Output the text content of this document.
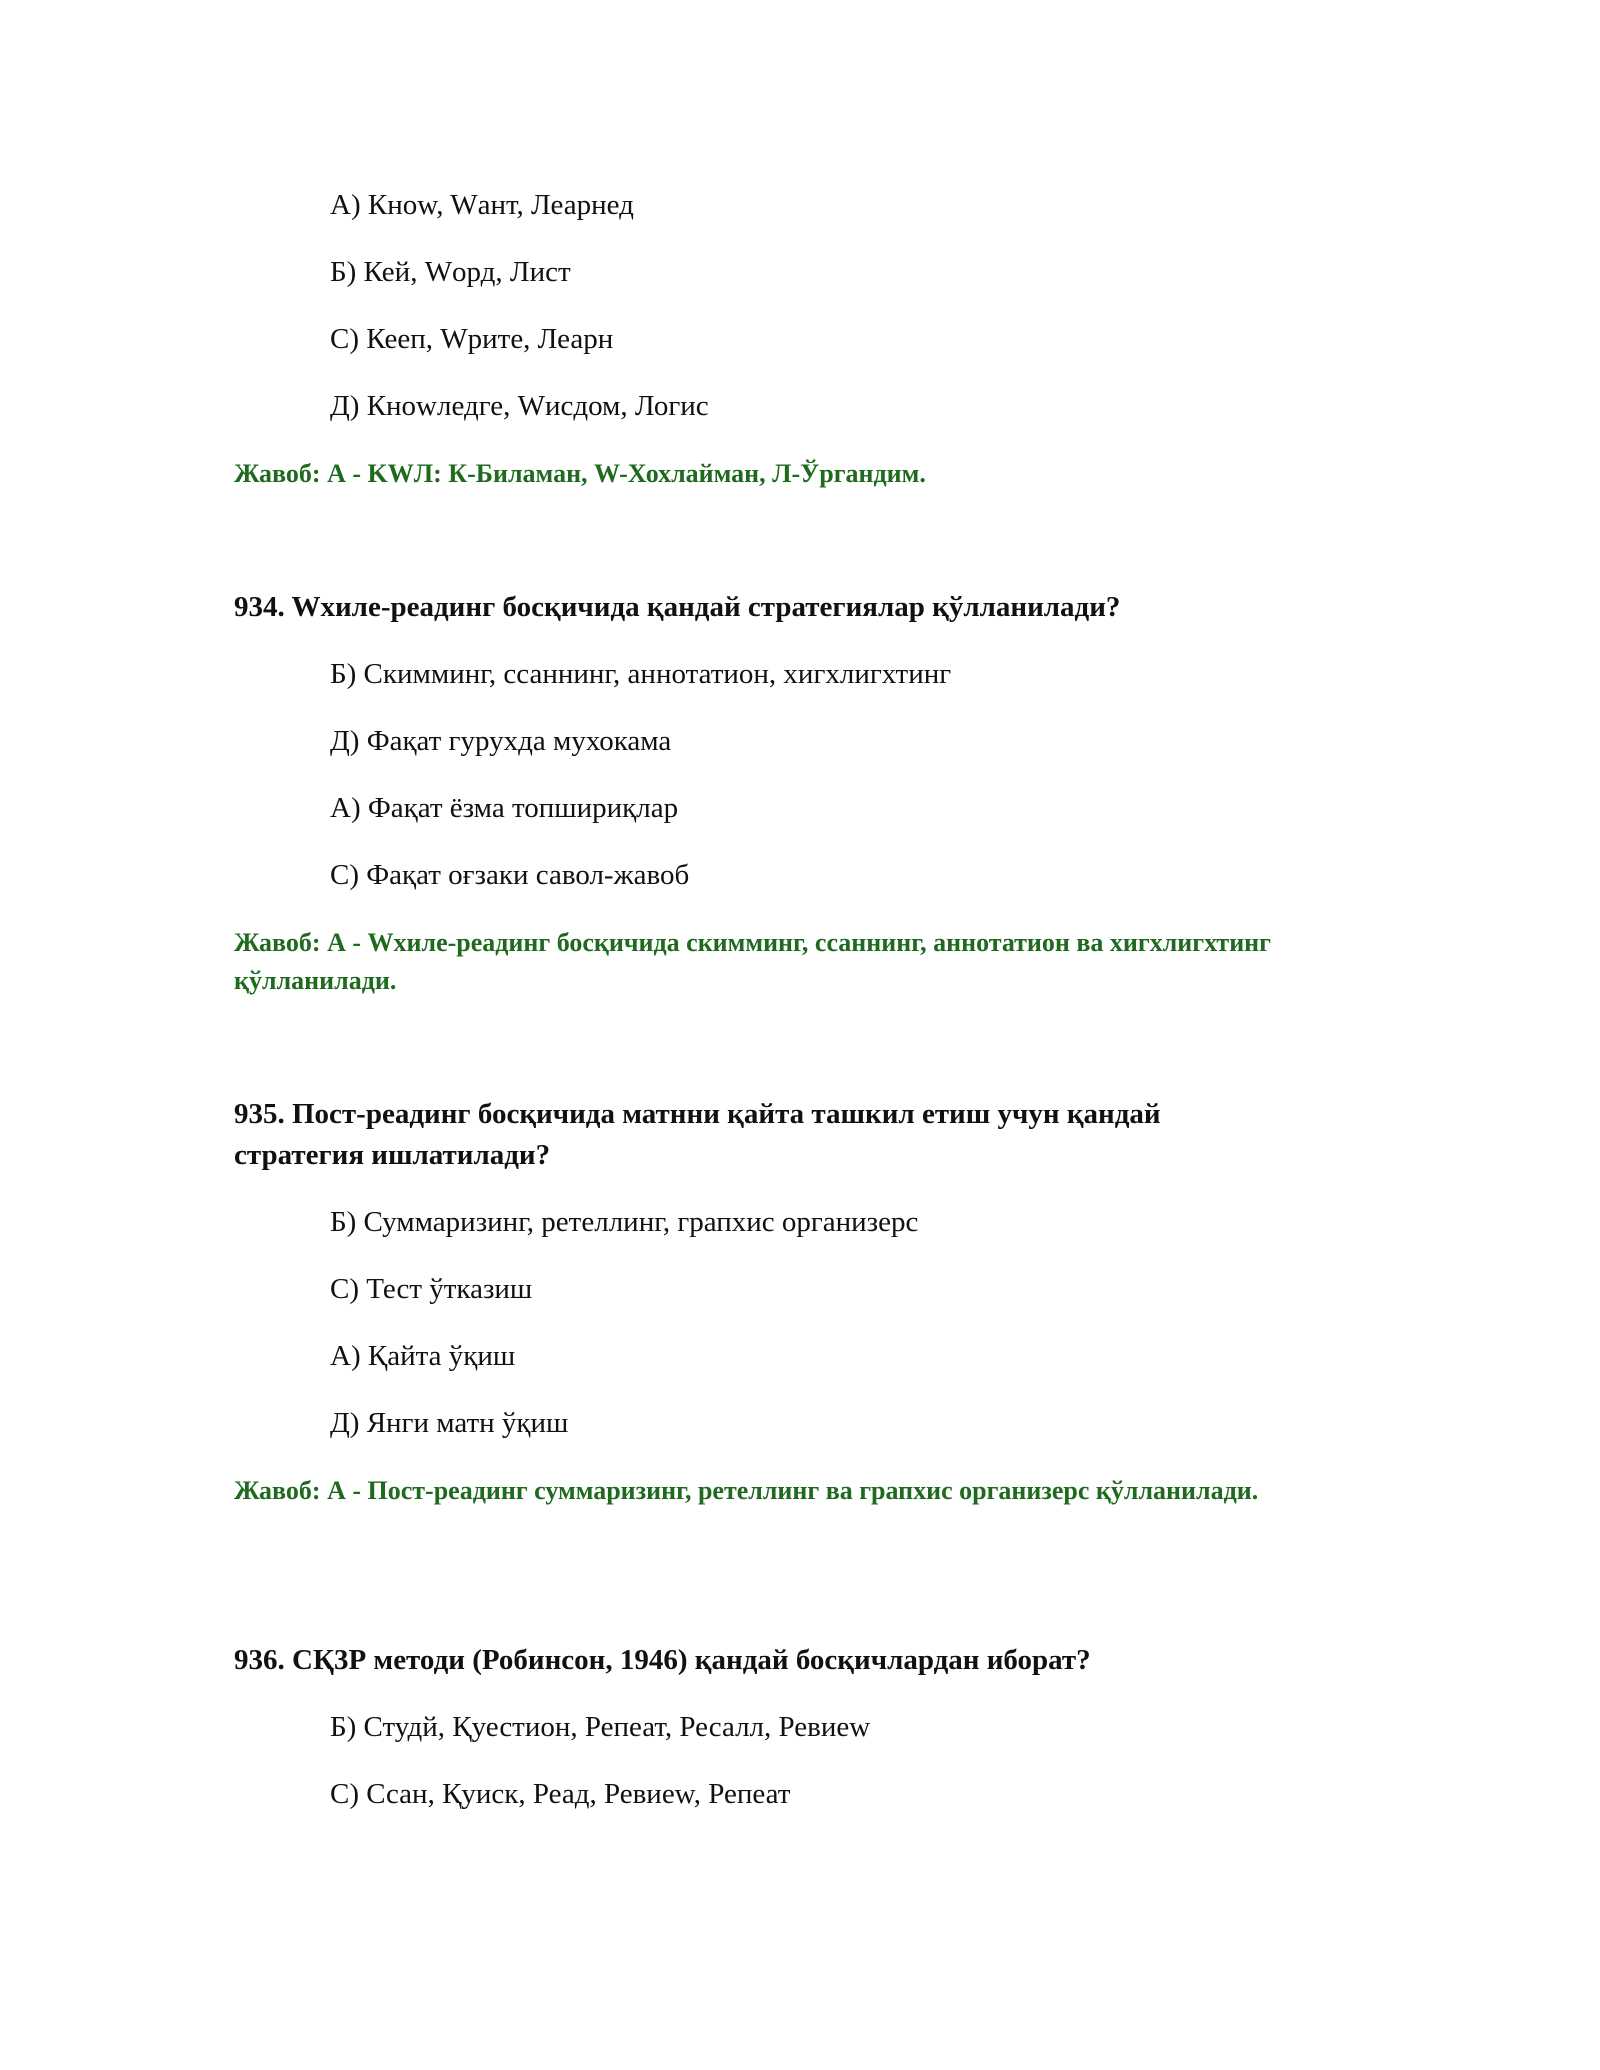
А) Кноw, Wант, Леарнед
Б) Кей, Wорд, Лист
С) Кееп, Wрите, Леарн
Д) Кноwледге, Wисдом, Логис
Жавоб: А - KWЛ: К-Биламан, W-Хохлайман, Л-Ўргандим.
934. Wхиле-реадинг босқичида қандай стратегиялар қўлланилади?
Б) Скимминг, ссаннинг, аннотатион, хигхлигхтинг
Д) Фақат гурухда мухокама
А) Фақат ёзма топшириқлар
С) Фақат оғзаки савол-жавоб
Жавоб: А - Wхиле-реадинг босқичида скимминг, ссаннинг, аннотатион ва хигхлигхтинг қўлланилади.
935. Пост-реадинг босқичида матнни қайта ташкил етиш учун қандай стратегия ишлатилади?
Б) Суммаризинг, ретеллинг, грапхис организерс
С) Тест ўтказиш
А) Қайта ўқиш
Д) Янги матн ўқиш
Жавоб: А - Пост-реадинг суммаризинг, ретеллинг ва грапхис организерс қўлланилади.
936. СҚ3Р методи (Робинсон, 1946) қандай босқичлардан иборат?
Б) Студй, Қуестион, Репеат, Ресалл, Ревиеw
С) Ссан, Қуиск, Реад, Ревиеw, Репеат
